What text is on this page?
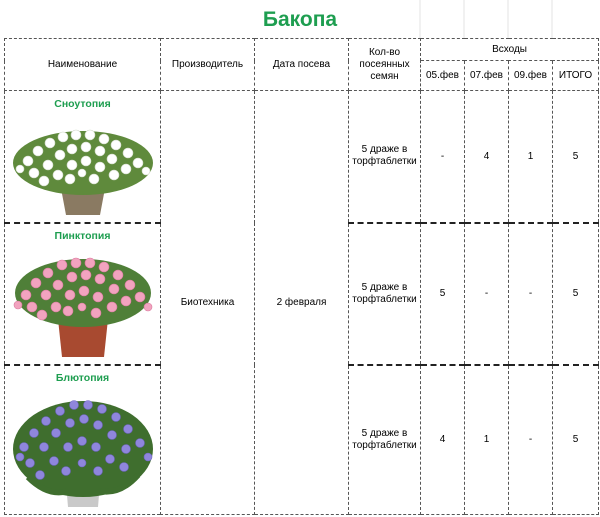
Бакопа
Наименование	Производитель	Дата посева	Кол-во посеянных семян	Всходы			
				05.фев	07.фев	09.фев	ИТОГО

Сноутопия	Биотехника	2 февраля	5 драже в торфтаблетки	-	4	1	5

Пинктопия			5 драже в торфтаблетки	5	-	-	5

Блютопия			5 драже в торфтаблетки	4	1	-	5
